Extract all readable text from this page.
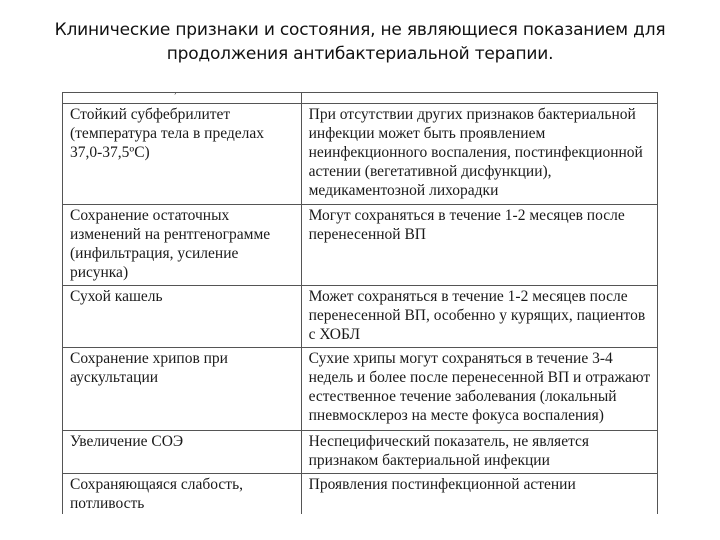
Клинические признаки и состояния, не являющиеся показанием для продолжения антибактериальной терапии.
,

Стойкий субфебрилитет (температура тела в пределах 37,0-37,5ºС)	При отсутствии других признаков бактериальной инфекции может быть проявлением неинфекционного воспаления, постинфекционной астении (вегетативной дисфункции), медикаментозной лихорадки
Сохранение остаточных изменений на рентгенограмме (инфильтрация, усиление рисунка)	Могут сохраняться в течение 1-2 месяцев после перенесенной ВП
Сухой кашель	Может сохраняться в течение 1-2 месяцев после перенесенной ВП, особенно у курящих, пациентов с ХОБЛ
Сохранение хрипов при аускультации	Сухие хрипы могут сохраняться в течение 3-4 недель и более после перенесенной ВП и отражают естественное течение заболевания (локальный пневмосклероз на месте фокуса воспаления)
Увеличение СОЭ	Неспецифический показатель, не является признаком бактериальной инфекции
Сохраняющаяся слабость, потливость	Проявления постинфекционной астении
